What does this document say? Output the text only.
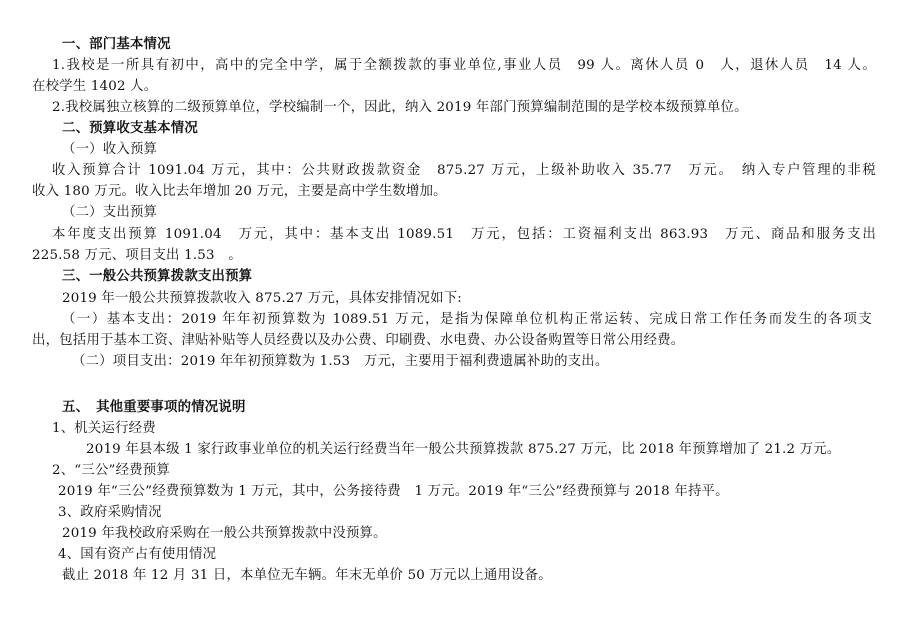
一、部门基本情况
1.我校是一所具有初中，高中的完全中学，属于全额拨款的事业单位,事业人员　99 人。离休人员 0　人，退休人员　14 人。
在校学生 1402 人。
2.我校属独立核算的二级预算单位，学校编制一个，因此，纳入 2019 年部门预算编制范围的是学校本级预算单位。
二、预算收支基本情况
（一）收入预算
收入预算合计 1091.04 万元，其中：公共财政拨款资金　875.27 万元，上级补助收入 35.77　万元。　纳入专户管理的非税
收入 180 万元。收入比去年增加 20 万元，主要是高中学生数增加。
（二）支出预算
本年度支出预算 1091.04　万元，其中：基本支出 1089.51　万元，包括：工资福利支出 863.93　万元、商品和服务支出
225.58 万元、项目支出 1.53　。
三、一般公共预算拨款支出预算
2019 年一般公共预算拨款收入 875.27 万元，具体安排情况如下:
（一）基本支出：2019 年年初预算数为 1089.51 万元，是指为保障单位机构正常运转、完成日常工作任务而发生的各项支
出，包括用于基本工资、津贴补贴等人员经费以及办公费、印刷费、水电费、办公设备购置等日常公用经费。
（二）项目支出：2019 年年初预算数为 1.53　万元，主要用于福利费遗属补助的支出。
五、　其他重要事项的情况说明
1、机关运行经费
2019 年县本级 1 家行政事业单位的机关运行经费当年一般公共预算拨款 875.27 万元，比 2018 年预算增加了 21.2 万元。
2、“三公”经费预算
2019 年“三公”经费预算数为 1 万元，其中，公务接待费　1 万元。2019 年“三公”经费预算与 2018 年持平。
3、政府采购情况
2019 年我校政府采购在一般公共预算拨款中没预算。
4、国有资产占有使用情况
截止 2018 年 12 月 31 日，本单位无车辆。年末无单价 50 万元以上通用设备。
